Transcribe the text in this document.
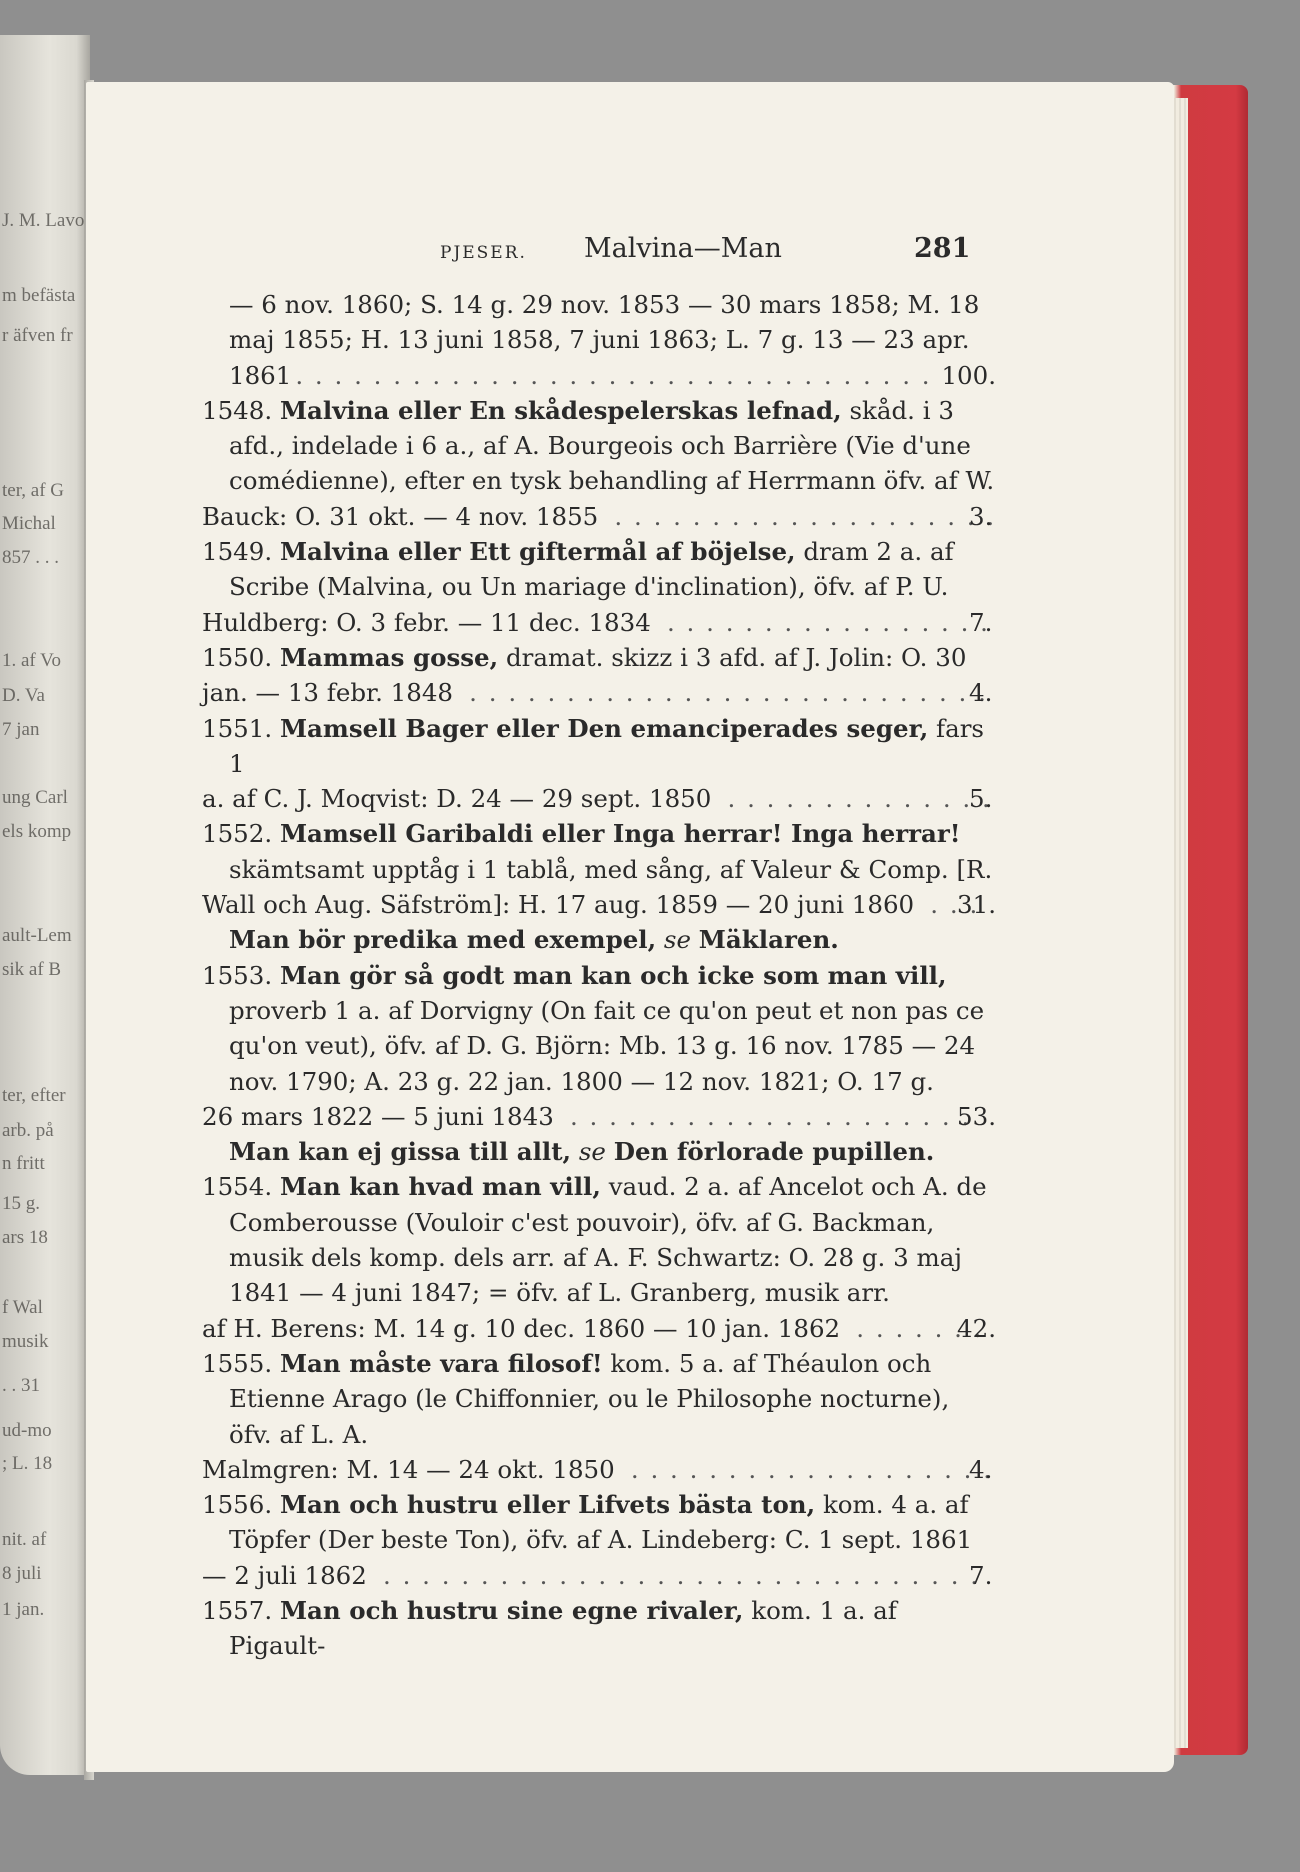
J. M. Lavo
m befästa
r äfven fr
ter, af G
Michal
857 . . .
1. af Vo
D. Va
7 jan
ung Carl
els komp
ault-Lem
sik af B
ter, efter
arb. på
n fritt
15 g.
ars 18
f Wal
musik
. . 31
ud-mo
; L. 18
nit. af
8 juli
1 jan.
PJESER. Malvina—Man	281
— 6 nov. 1860; S. 14 g. 29 nov. 1853 — 30 mars 1858; M. 18 maj 1855; H. 13 juni 1858, 7 juni 1863; L. 7 g. 13 — 23 apr.
1861 . . .	100.
1548. Malvina eller En skådespelerskas lefnad, skåd. i 3 afd., indelade i 6 a., af A. Bourgeois och Barrière (Vie d'une comédienne), efter en tysk behandling af Herrmann öfv. af W.
Bauck: O. 31 okt. — 4 nov. 1855 . . .	3.
1549. Malvina eller Ett giftermål af böjelse, dram 2 a. af Scribe (Malvina, ou Un mariage d'inclination), öfv. af P. U.
Huldberg: O. 3 febr. — 11 dec. 1834 . . .	7.
1550. Mammas gosse, dramat. skizz i 3 afd. af J. Jolin: O. 30
jan. — 13 febr. 1848 . . .	4.
1551. Mamsell Bager eller Den emanciperades seger, fars 1
a. af C. J. Moqvist: D. 24 — 29 sept. 1850 . . .	5.
1552. Mamsell Garibaldi eller Inga herrar! Inga herrar! skämtsamt upptåg i 1 tablå, med sång, af Valeur & Comp. [R.
Wall och Aug. Säfström]: H. 17 aug. 1859 — 20 juni 1860 . . . 31.
Man bör predika med exempel, se Mäklaren.
1553. Man gör så godt man kan och icke som man vill, proverb 1 a. af Dorvigny (On fait ce qu'on peut et non pas ce qu'on veut), öfv. af D. G. Björn: Mb. 13 g. 16 nov. 1785 — 24 nov. 1790; A. 23 g. 22 jan. 1800 — 12 nov. 1821; O. 17 g.
26 mars 1822 — 5 juni 1843 . . .	53.
Man kan ej gissa till allt, se Den förlorade pupillen.
1554. Man kan hvad man vill, vaud. 2 a. af Ancelot och A. de Comberousse (Vouloir c'est pouvoir), öfv. af G. Backman, musik dels komp. dels arr. af A. F. Schwartz: O. 28 g. 3 maj 1841 — 4 juni 1847; = öfv. af L. Granberg, musik arr.
af H. Berens: M. 14 g. 10 dec. 1860 — 10 jan. 1862 . . .	42.
1555. Man måste vara filosof! kom. 5 a. af Théaulon och Etienne Arago (le Chiffonnier, ou le Philosophe nocturne), öfv. af L. A.
Malmgren: M. 14 — 24 okt. 1850 . . .	4.
1556. Man och hustru eller Lifvets bästa ton, kom. 4 a. af Töpfer (Der beste Ton), öfv. af A. Lindeberg: C. 1 sept. 1861
— 2 juli 1862 . . .	7.
1557. Man och hustru sine egne rivaler, kom. 1 a. af Pigault-
